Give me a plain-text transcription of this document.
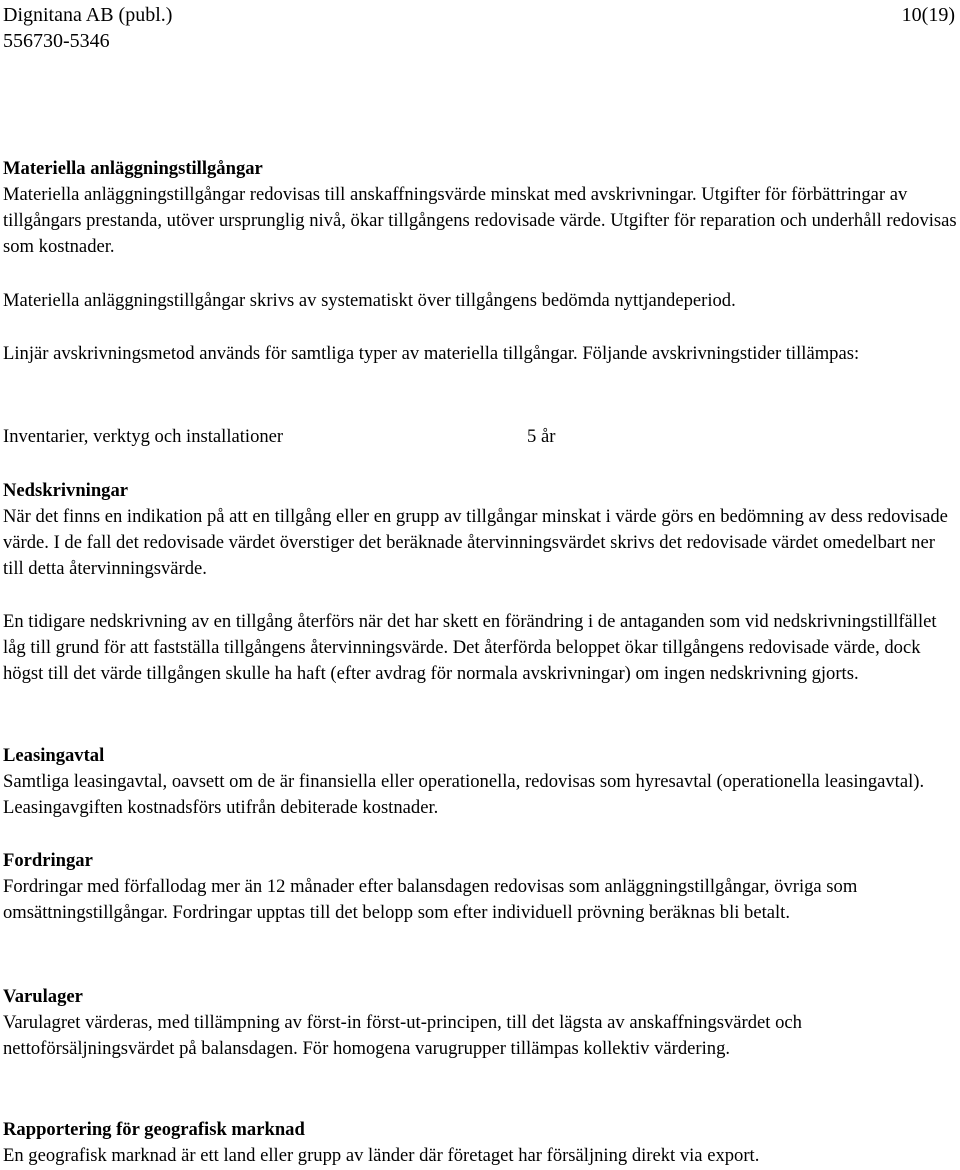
Dignitana AB (publ.)
556730-5346
10(19)
Materiella anläggningstillgångar

Materiella anläggningstillgångar redovisas till anskaffningsvärde minskat med avskrivningar. Utgifter för förbättringar av tillgångars prestanda, utöver ursprunglig nivå, ökar tillgångens redovisade värde. Utgifter för reparation och underhåll redovisas som kostnader.

Materiella anläggningstillgångar skrivs av systematiskt över tillgångens bedömda nyttjandeperiod.

Linjär avskrivningsmetod används för samtliga typer av materiella tillgångar. Följande avskrivningstider tillämpas:

Inventarier, verktyg och installationer	5 år
Nedskrivningar

När det finns en indikation på att en tillgång eller en grupp av tillgångar minskat i värde görs en bedömning av dess redovisade värde. I de fall det redovisade värdet överstiger det beräknade återvinningsvärdet skrivs det redovisade värdet omedelbart ner till detta återvinningsvärde.

En tidigare nedskrivning av en tillgång återförs när det har skett en förändring i de antaganden som vid nedskrivningstillfället låg till grund för att fastställa tillgångens återvinningsvärde. Det återförda beloppet ökar tillgångens redovisade värde, dock högst till det värde tillgången skulle ha haft (efter avdrag för normala avskrivningar) om ingen nedskrivning gjorts.

Leasingavtal

Samtliga leasingavtal, oavsett om de är finansiella eller operationella, redovisas som hyresavtal (operationella leasingavtal). Leasingavgiften kostnadsförs utifrån debiterade kostnader.

Fordringar

Fordringar med förfallodag mer än 12 månader efter balansdagen redovisas som anläggningstillgångar, övriga som omsättningstillgångar. Fordringar upptas till det belopp som efter individuell prövning beräknas bli betalt.

Varulager

Varulagret värderas, med tillämpning av först-in först-ut-principen, till det lägsta av anskaffningsvärdet och nettoförsäljningsvärdet på balansdagen. För homogena varugrupper tillämpas kollektiv värdering.

Rapportering för geografisk marknad

En geografisk marknad är ett land eller grupp av länder där företaget har försäljning direkt via export.
